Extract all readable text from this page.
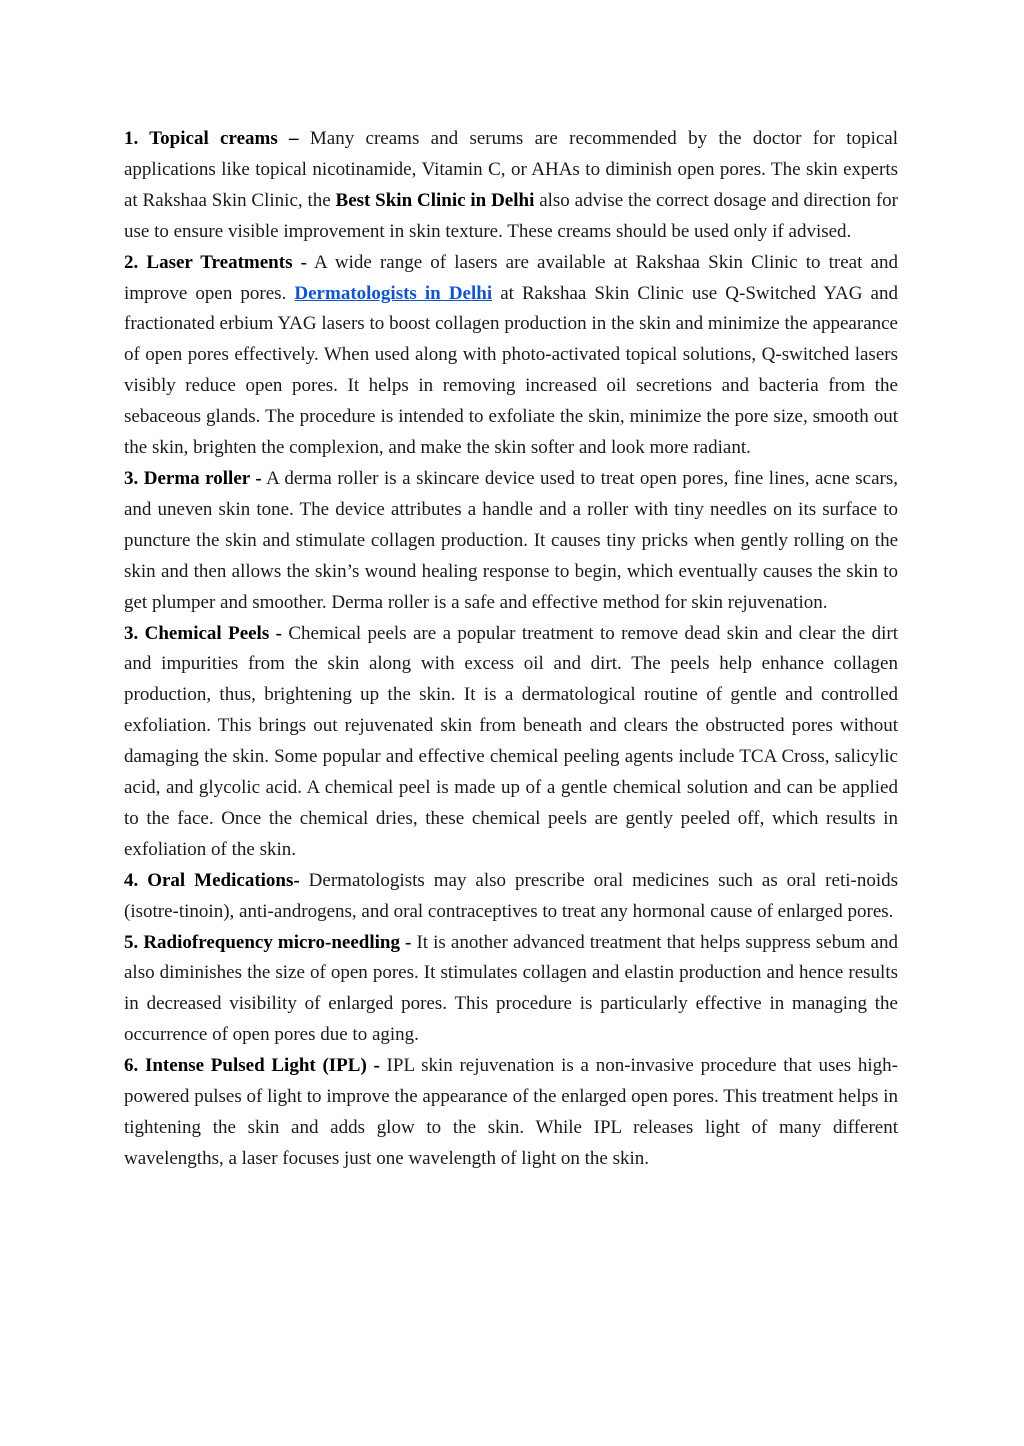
1. Topical creams – Many creams and serums are recommended by the doctor for topical applications like topical nicotinamide, Vitamin C, or AHAs to diminish open pores. The skin experts at Rakshaa Skin Clinic, the Best Skin Clinic in Delhi also advise the correct dosage and direction for use to ensure visible improvement in skin texture. These creams should be used only if advised.

2. Laser Treatments - A wide range of lasers are available at Rakshaa Skin Clinic to treat and improve open pores. Dermatologists in Delhi at Rakshaa Skin Clinic use Q-Switched YAG and fractionated erbium YAG lasers to boost collagen production in the skin and minimize the appearance of open pores effectively. When used along with photo-activated topical solutions, Q-switched lasers visibly reduce open pores. It helps in removing increased oil secretions and bacteria from the sebaceous glands. The procedure is intended to exfoliate the skin, minimize the pore size, smooth out the skin, brighten the complexion, and make the skin softer and look more radiant.

3. Derma roller - A derma roller is a skincare device used to treat open pores, fine lines, acne scars, and uneven skin tone. The device attributes a handle and a roller with tiny needles on its surface to puncture the skin and stimulate collagen production. It causes tiny pricks when gently rolling on the skin and then allows the skin’s wound healing response to begin, which eventually causes the skin to get plumper and smoother. Derma roller is a safe and effective method for skin rejuvenation.

3. Chemical Peels - Chemical peels are a popular treatment to remove dead skin and clear the dirt and impurities from the skin along with excess oil and dirt. The peels help enhance collagen production, thus, brightening up the skin. It is a dermatological routine of gentle and controlled exfoliation. This brings out rejuvenated skin from beneath and clears the obstructed pores without damaging the skin. Some popular and effective chemical peeling agents include TCA Cross, salicylic acid, and glycolic acid. A chemical peel is made up of a gentle chemical solution and can be applied to the face. Once the chemical dries, these chemical peels are gently peeled off, which results in exfoliation of the skin.

4. Oral Medications- Dermatologists may also prescribe oral medicines such as oral reti-noids (isotre-tinoin), anti-androgens, and oral contraceptives to treat any hormonal cause of enlarged pores.

5. Radiofrequency micro-needling - It is another advanced treatment that helps suppress sebum and also diminishes the size of open pores. It stimulates collagen and elastin production and hence results in decreased visibility of enlarged pores. This procedure is particularly effective in managing the occurrence of open pores due to aging.

6. Intense Pulsed Light (IPL) - IPL skin rejuvenation is a non-invasive procedure that uses high-powered pulses of light to improve the appearance of the enlarged open pores. This treatment helps in tightening the skin and adds glow to the skin. While IPL releases light of many different wavelengths, a laser focuses just one wavelength of light on the skin.
